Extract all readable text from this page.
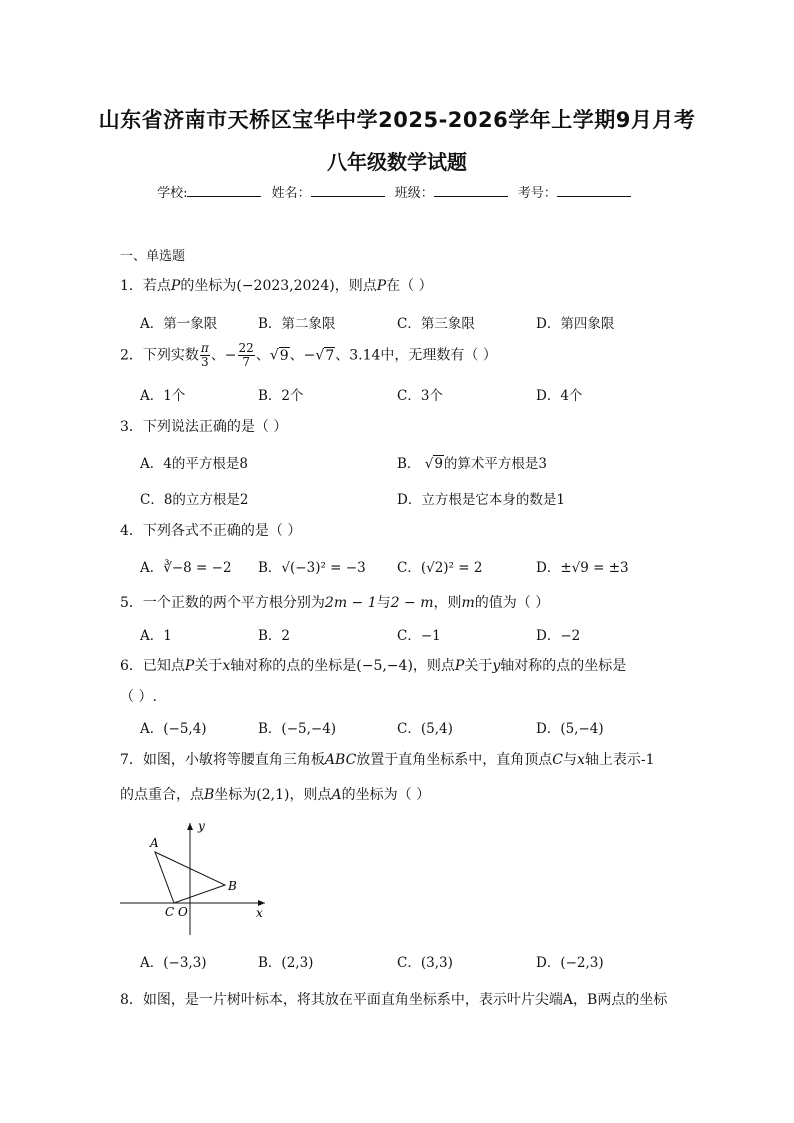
山东省济南市天桥区宝华中学2025-2026学年上学期9月月考
八年级数学试题
学校:	姓名：	班级：	考号：
一、单选题
1．若点P的坐标为(−2023,2024)，则点P在（ ）
A．第一象限	B．第二象限	C．第三象限	D．第四象限
2．下列实数 $\frac{\pi}{3}$ 、− $\frac{22}{7}$ 、√9、−√7、3.14中，无理数有（ ）
A．1个	B．2个	C．3个	D．4个
3．下列说法正确的是（ ）
A．4的平方根是8	B． √9的算术平方根是3
C．8的立方根是2	D．立方根是它本身的数是1
4．下列各式不正确的是（ ）
A．∛−8 = −2 B．√(−3)² = −3 C．(√2)² = 2	D．±√9 = ±3
5．一个正数的两个平方根分别为2m − 1与2 − m，则m的值为（ ）
A．1	B．2	C．−1	D．−2
6．已知点P关于x轴对称的点的坐标是(−5,−4)，则点P关于y轴对称的点的坐标是
（ ）.
A．(−5,4)	B．(−5,−4)	C．(5,4)	D．(5,−4)
7．如图，小敏将等腰直角三角板ABC放置于直角坐标系中，直角顶点C与x轴上表示-1
的点重合，点B坐标为(2,1)，则点A的坐标为（ ）
A
B
C O	x
y
A．(−3,3)	B．(2,3)	C．(3,3)	D．(−2,3)
8．如图，是一片树叶标本，将其放在平面直角坐标系中，表示叶片尖端A，B两点的坐标
